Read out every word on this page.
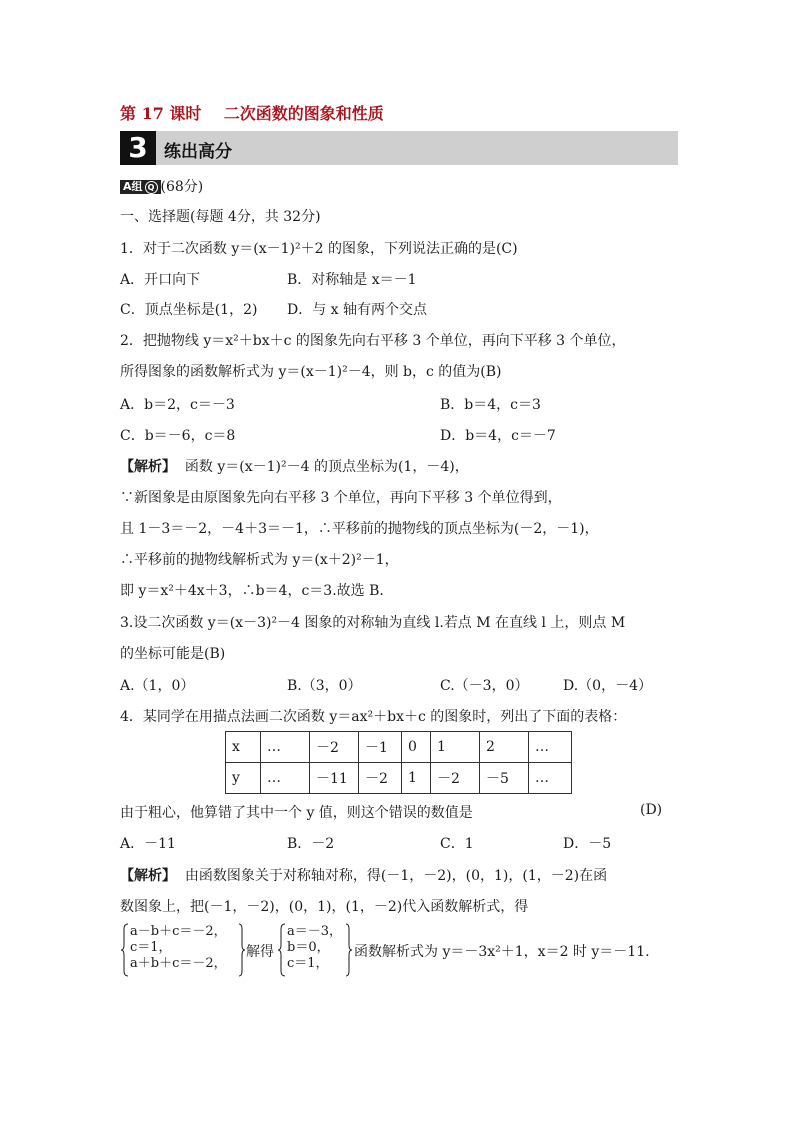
第 17 课时    二次函数的图象和性质
3 练出高分
A组 Q (68分)
一、选择题(每题 4分，共 32分)
1．对于二次函数 y＝(x－1)²＋2 的图象，下列说法正确的是(C)
A．开口向下	B．对称轴是 x＝－1
C．顶点坐标是(1，2) D．与 x 轴有两个交点
2．把抛物线 y＝x²＋bx＋c 的图象先向右平移 3 个单位，再向下平移 3 个单位，
所得图象的函数解析式为 y＝(x－1)²－4，则 b，c 的值为(B)
A．b＝2，c＝－3	B．b＝4，c＝3
C．b＝－6，c＝8	D．b＝4，c＝－7
【解析】  函数 y＝(x－1)²－4 的顶点坐标为(1，－4)，
∵新图象是由原图象先向右平移 3 个单位，再向下平移 3 个单位得到，
且 1－3＝－2，－4＋3＝－1，∴平移前的抛物线的顶点坐标为(－2，－1)，
∴平移前的抛物线解析式为 y＝(x＋2)²－1，
即 y＝x²＋4x＋3，∴b＝4，c＝3.故选 B.
3.设二次函数 y＝(x－3)²－4 图象的对称轴为直线 l.若点 M 在直线 l 上，则点 M
的坐标可能是(B)
A.（1，0）	B.（3，0）	C.（－3，0） D.（0，－4）
4．某同学在用描点法画二次函数 y＝ax²＋bx＋c 的图象时，列出了下面的表格：
x	…	－2	－1	0	1	2	…
y	…	－11	－2	1	－2	－5	…
由于粗心，他算错了其中一个 y 值，则这个错误的数值是	(D)
A．－11	B．－2	C．1	D．－5
【解析】  由函数图象关于对称轴对称，得(－1，－2)，(0，1)，(1，－2)在函
数图象上，把(－1，－2)，(0，1)，(1，－2)代入函数解析式，得
a－b＋c＝－2，
c＝1，
a＋b＋c＝－2，
解得
a＝－3，
b＝0，
c＝1，
函数解析式为 y＝－3x²＋1，x＝2 时 y＝－11.
